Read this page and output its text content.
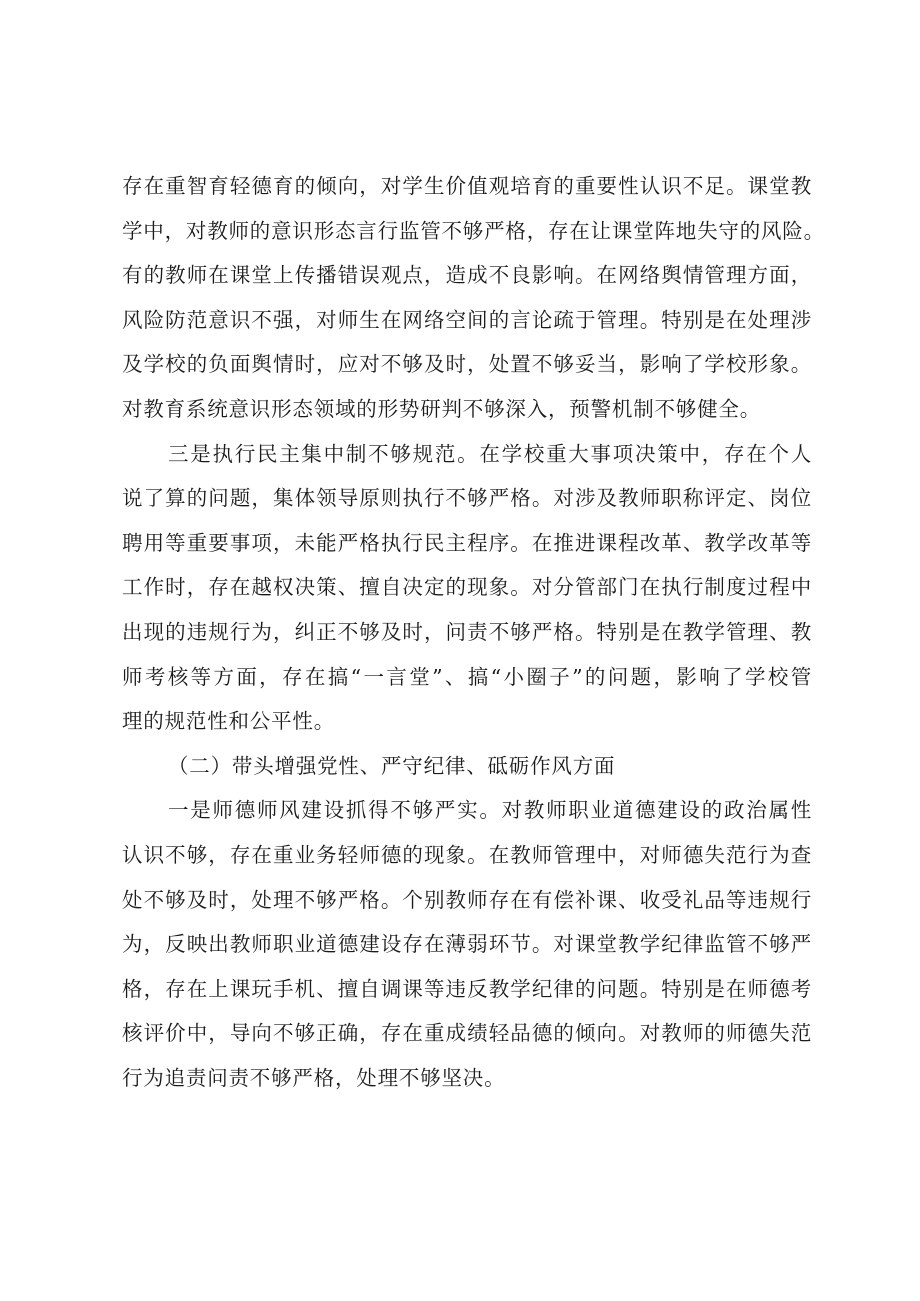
存在重智育轻德育的倾向，对学生价值观培育的重要性认识不足。课堂教
学中，对教师的意识形态言行监管不够严格，存在让课堂阵地失守的风险。
有的教师在课堂上传播错误观点，造成不良影响。在网络舆情管理方面，
风险防范意识不强，对师生在网络空间的言论疏于管理。特别是在处理涉
及学校的负面舆情时，应对不够及时，处置不够妥当，影响了学校形象。
对教育系统意识形态领域的形势研判不够深入，预警机制不够健全。

三是执行民主集中制不够规范。在学校重大事项决策中，存在个人
说了算的问题，集体领导原则执行不够严格。对涉及教师职称评定、岗位
聘用等重要事项，未能严格执行民主程序。在推进课程改革、教学改革等
工作时，存在越权决策、擅自决定的现象。对分管部门在执行制度过程中
出现的违规行为，纠正不够及时，问责不够严格。特别是在教学管理、教
师考核等方面，存在搞“一言堂”、搞“小圈子”的问题，影响了学校管
理的规范性和公平性。

（二）带头增强党性、严守纪律、砥砺作风方面

一是师德师风建设抓得不够严实。对教师职业道德建设的政治属性
认识不够，存在重业务轻师德的现象。在教师管理中，对师德失范行为查
处不够及时，处理不够严格。个别教师存在有偿补课、收受礼品等违规行
为，反映出教师职业道德建设存在薄弱环节。对课堂教学纪律监管不够严
格，存在上课玩手机、擅自调课等违反教学纪律的问题。特别是在师德考
核评价中，导向不够正确，存在重成绩轻品德的倾向。对教师的师德失范
行为追责问责不够严格，处理不够坚决。
